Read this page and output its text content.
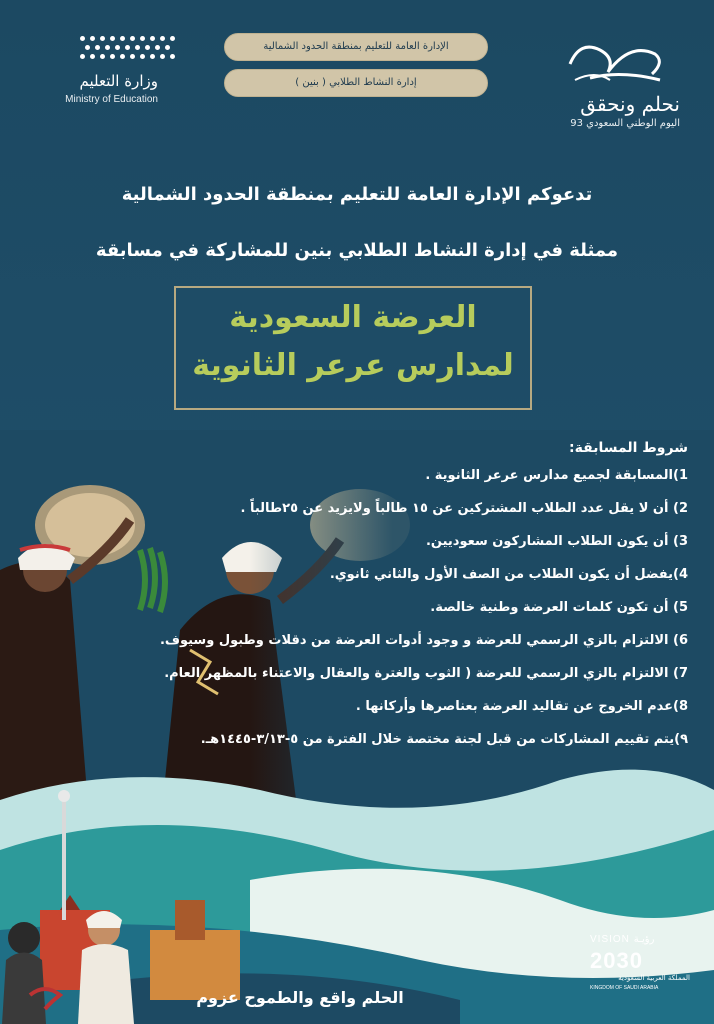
وزارة التعليم
Ministry of Education
الإدارة العامة للتعليم بمنطقة الحدود الشمالية
إدارة النشاط الطلابي ( بنين )
نحلم ونحقق
اليوم الوطني السعودي 93
تدعوكم الإدارة العامة للتعليم بمنطقة الحدود الشمالية
ممثلة في إدارة النشاط الطلابي بنين للمشاركة في مسابقة
العرضة السعودية
لمدارس عرعر الثانوية
شروط المسابقة:
1)المسابقة لجميع مدارس عرعر الثانوية .
2) أن لا يقل عدد الطلاب المشتركين عن ١٥ طالباً ولايزيد عن ٢٥طالباً .
3) أن يكون الطلاب المشاركون سعوديين.
4)يفضل أن يكون الطلاب من الصف الأول والثاني ثانوي.
5) أن تكون كلمات العرضة وطنية خالصة.
6) الالتزام بالزي الرسمي للعرضة و وجود أدوات العرضة من دقلات وطبول وسيوف.
7) الالتزام بالزي الرسمي للعرضة ( الثوب والغترة والعقال والاعتناء بالمظهر العام.
8)عدم الخروج عن تقاليد العرضة بعناصرها وأركانها .
٩)يتم تقييم المشاركات من قبل لجنة مختصة خلال الفترة من ٥-٣/١٣-١٤٤٥هـ.
الحلم واقع والطموح عزوم
VISION رؤيـة
2030
المملكة العربية السعودية
KINGDOM OF SAUDI ARABIA
